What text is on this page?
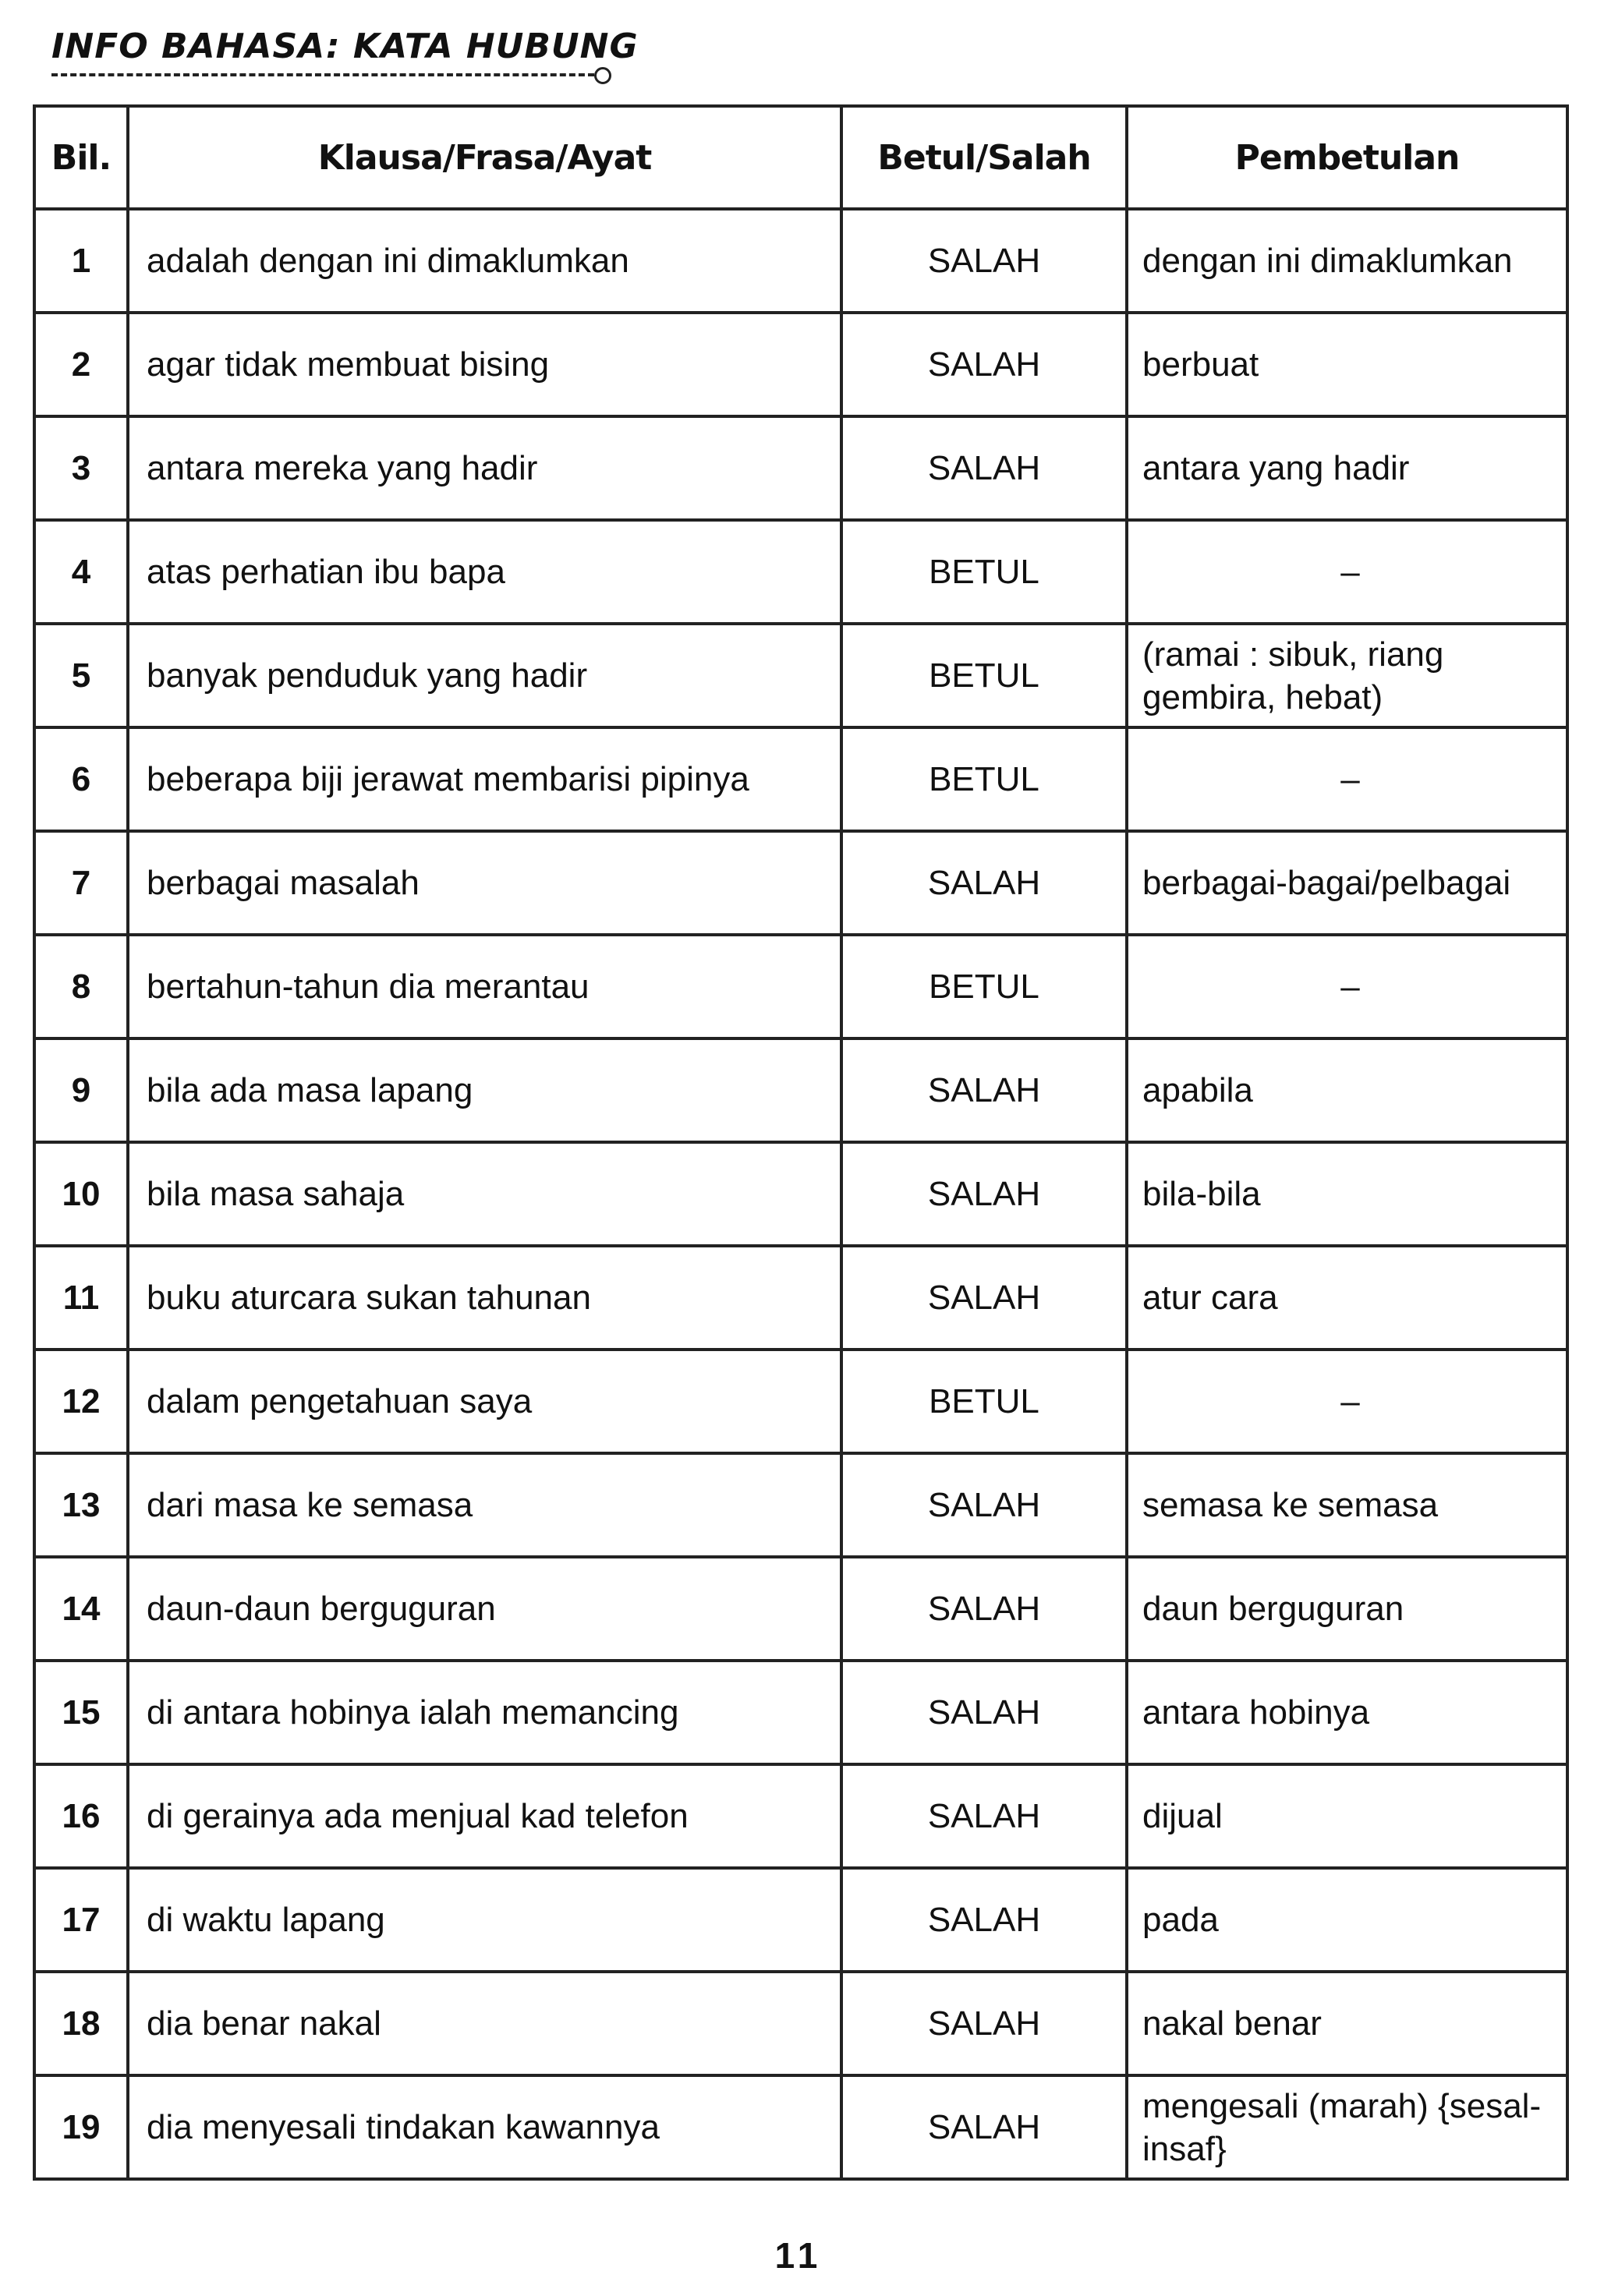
INFO BAHASA: KATA HUBUNG
Bil.	Klausa/Frasa/Ayat	Betul/Salah	Pembetulan
1	adalah dengan ini dimaklumkan	SALAH	dengan ini dimaklumkan
2	agar tidak membuat bising	SALAH	berbuat
3	antara mereka yang hadir	SALAH	antara yang hadir
4	atas perhatian ibu bapa	BETUL	–
5	banyak penduduk yang hadir	BETUL	(ramai : sibuk, riang gembira, hebat)
6	beberapa biji jerawat membarisi pipinya	BETUL	–
7	berbagai masalah	SALAH	berbagai-bagai/pelbagai
8	bertahun-tahun dia merantau	BETUL	–
9	bila ada masa lapang	SALAH	apabila
10	bila masa sahaja	SALAH	bila-bila
11	buku aturcara sukan tahunan	SALAH	atur cara
12	dalam pengetahuan saya	BETUL	–
13	dari masa ke semasa	SALAH	semasa ke semasa
14	daun-daun berguguran	SALAH	daun berguguran
15	di antara hobinya ialah memancing	SALAH	antara hobinya
16	di gerainya ada menjual kad telefon	SALAH	dijual
17	di waktu lapang	SALAH	pada
18	dia benar nakal	SALAH	nakal benar
19	dia menyesali tindakan kawannya	SALAH	mengesali (marah) {sesal-insaf}
11
